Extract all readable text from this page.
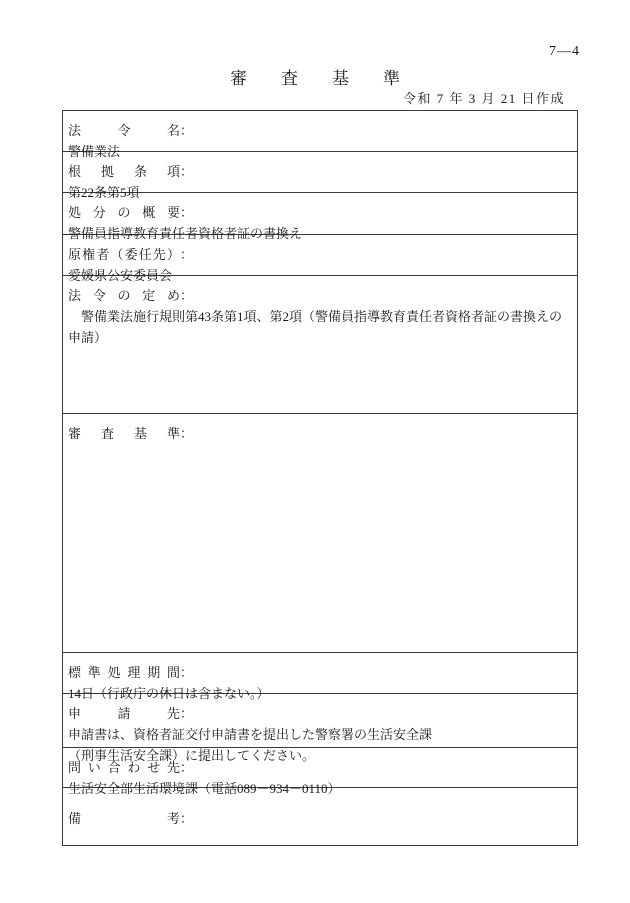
7—4
審査基準
令和 7 年 3 月 21 日作成
法令名：警備業法
根拠条項：第22条第5項
処分の概要：警備員指導教育責任者資格者証の書換え
原権者（委任先）：愛媛県公安委員会
法令の定め：
警備業法施行規則第43条第1項、第2項（警備員指導教育責任者資格者証の書換えの申請）
審査基準：
標準処理期間：14日（行政庁の休日は含まない。）
申請先：申請書は、資格者証交付申請書を提出した警察署の生活安全課（刑事生活安全課）に提出してください。
問い合わせ先：生活安全部生活環境課（電話089－934－0110）
備考：
